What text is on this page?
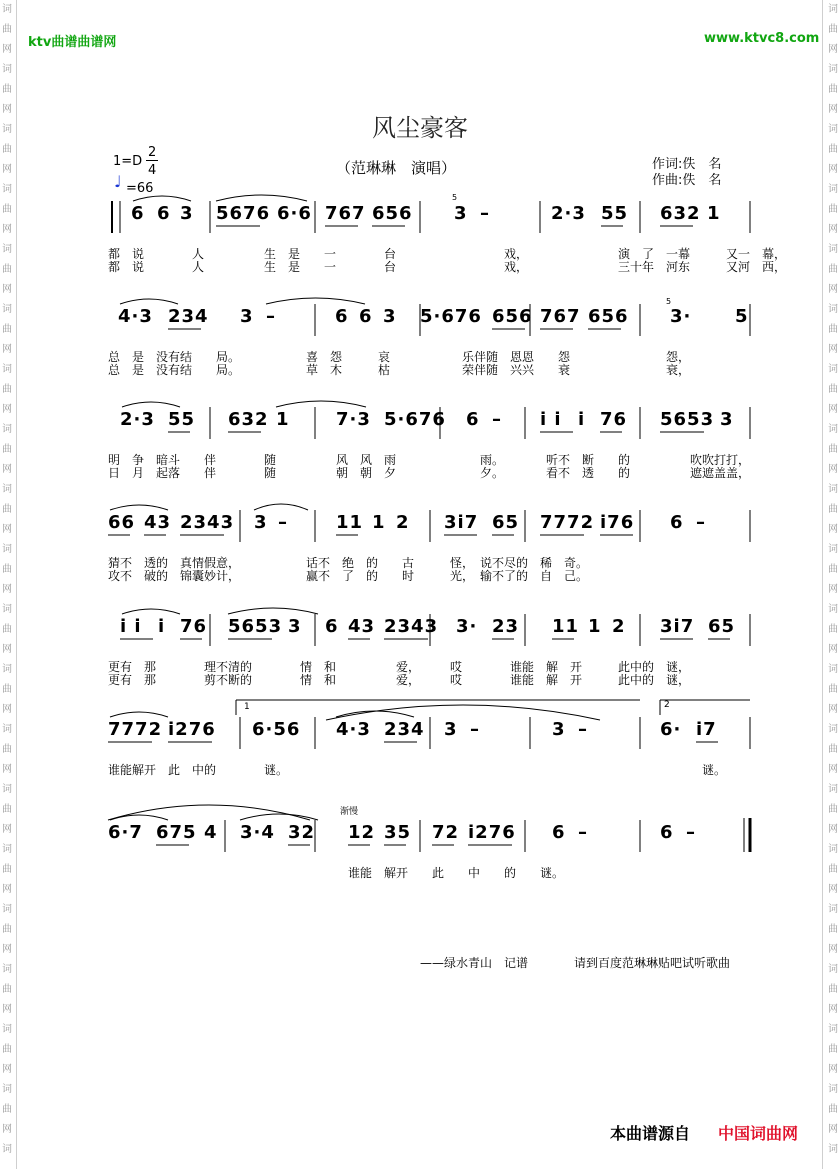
词
曲
网
词
曲
网
词
曲
网
词
曲
网
词
曲
网
词
曲
网
词
曲
网
词
曲
网
词
曲
网
词
曲
网
词
曲
网
词
曲
网
词
曲
网
词
曲
网
词
曲
网
词
曲
网
词
曲
网
词
曲
网
词
曲
网
词
词
曲
网
词
曲
网
词
曲
网
词
曲
网
词
曲
网
词
曲
网
词
曲
网
词
曲
网
词
曲
网
词
曲
网
词
曲
网
词
曲
网
词
曲
网
词
曲
网
词
曲
网
词
曲
网
词
曲
网
词
曲
网
词
曲
网
词
ktv曲谱曲谱网	www.ktvc8.com
风尘豪客
1=D
2
4
♩ =66
（范琳琳　演唱）	作词:佚　名
作曲:佚　名
6 6 3 5676 6·6 767 656 3 –	2·3 55 632 1
都　说　　　　人　　　　　生　是　　一　　　　台　　　　　　　　　戏，　　　　　　　　演　了　一幕　　　又一　幕，
都　说　　　　人　　　　　生　是　　一　　　　台　　　　　　　　　戏，　　　　　　　　三十年　河东　　　又河　西，
4·3 234 3 –	6 6 3 5·676 656 767 656 3· 5
总　是　没有结　　局。　　　　　　喜　怨　　　哀　　　　　　乐伴随　恩恩　　怨　　　　　　　　怨，
总　是　没有结　　局。　　　　　　草　木　　　枯　　　　　　荣伴随　兴兴　　衰　　　　　　　　衰，
2·3 55 632 1	7·3 5·676 6 – i i i 76 5653 3
明　争　暗斗　　伴　　　　随　　　　　风　风　雨　　　　　　　雨。　　　　听不　断　　的　　　　　吹吹打打，
日　月　起落　　伴　　　　随　　　　　朝　朝　夕　　　　　　　夕。　　　　看不　透　　的　　　　　遮遮盖盖，
66 43 2343 3 –	11 1 2 3i7 65 7772 i76 6 –
猜不　透的　真情假意，　　　　　　话不　绝　的　　古　　　怪，　说不尽的　稀　奇。
攻不　破的　锦囊妙计，　　　　　　赢不　了　的　　时　　　光，　输不了的　自　己。
i i i 76 5653 3 6 43 2343 3· 23 11 1 2 3i7 65
更有　那　　　　理不清的　　　　情　和　　　　　爱，　　　哎　　　　谁能　解　开　　　此中的　谜，
更有　那　　　　剪不断的　　　　情　和　　　　　爱，　　　哎　　　　谁能　解　开　　　此中的　谜，
7772 i276 6·56 4·3 234 3 –	3 –	6· i7
谁能解开　此　中的　　　　谜。　　　　　　　　　　　　　　　　　　　　　　　　　　　　　　　　　　　谜。
6·7 675 4 3·4 32 12 35 72 i276 6 –	6 –
谁能　解开　　此　　中　　的　　谜。
渐慢
1	2
5
5
——绿水青山　记谱	请到百度范琳琳贴吧试听歌曲
本曲谱源自 中国词曲网
